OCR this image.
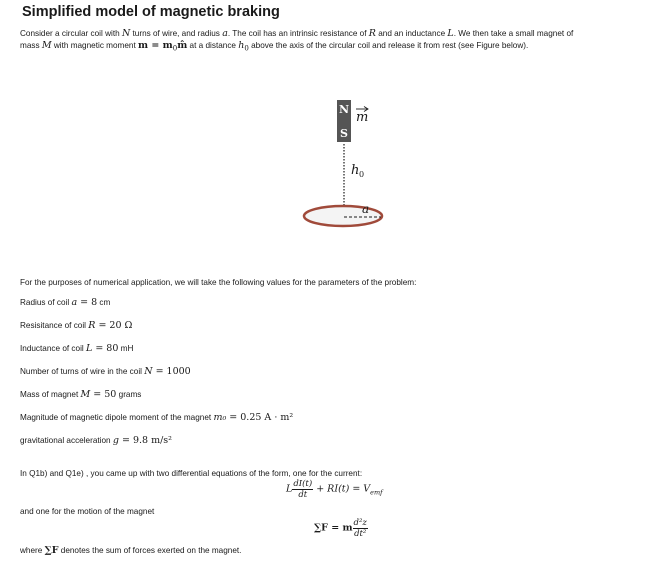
Simplified model of magnetic braking
Consider a circular coil with N turns of wire, and radius a. The coil has an intrinsic resistance of R and an inductance L. We then take a small magnet of
mass M with magnetic moment $m = m_0m̂$ at a distance $h_0$ above the axis of the circular coil and release it from rest (see Figure below).
N
S
m
h 0
a
For the purposes of numerical application, we will take the following values for the parameters of the problem:
Radius of coil a = 8 cm
Resisitance of coil R = 20 Ω
Inductance of coil L = 80 mH
Number of turns of wire in the coil N = 1000
Mass of magnet M = 50 grams
Magnitude of magnetic dipole moment of the magnet m₀ = 0.25 A · m²
gravitational acceleration g = 9.8 m/s²
In Q1b) and Q1e) , you came up with two differential equations of the form, one for the current:
L $\frac{dI(t)}{dt} + RI(t) = V_{emf}$
and one for the motion of the magnet
∑F = m $\frac{\text{d²z}}{\text{dt²}}$
where ∑F denotes the sum of forces exerted on the magnet.
